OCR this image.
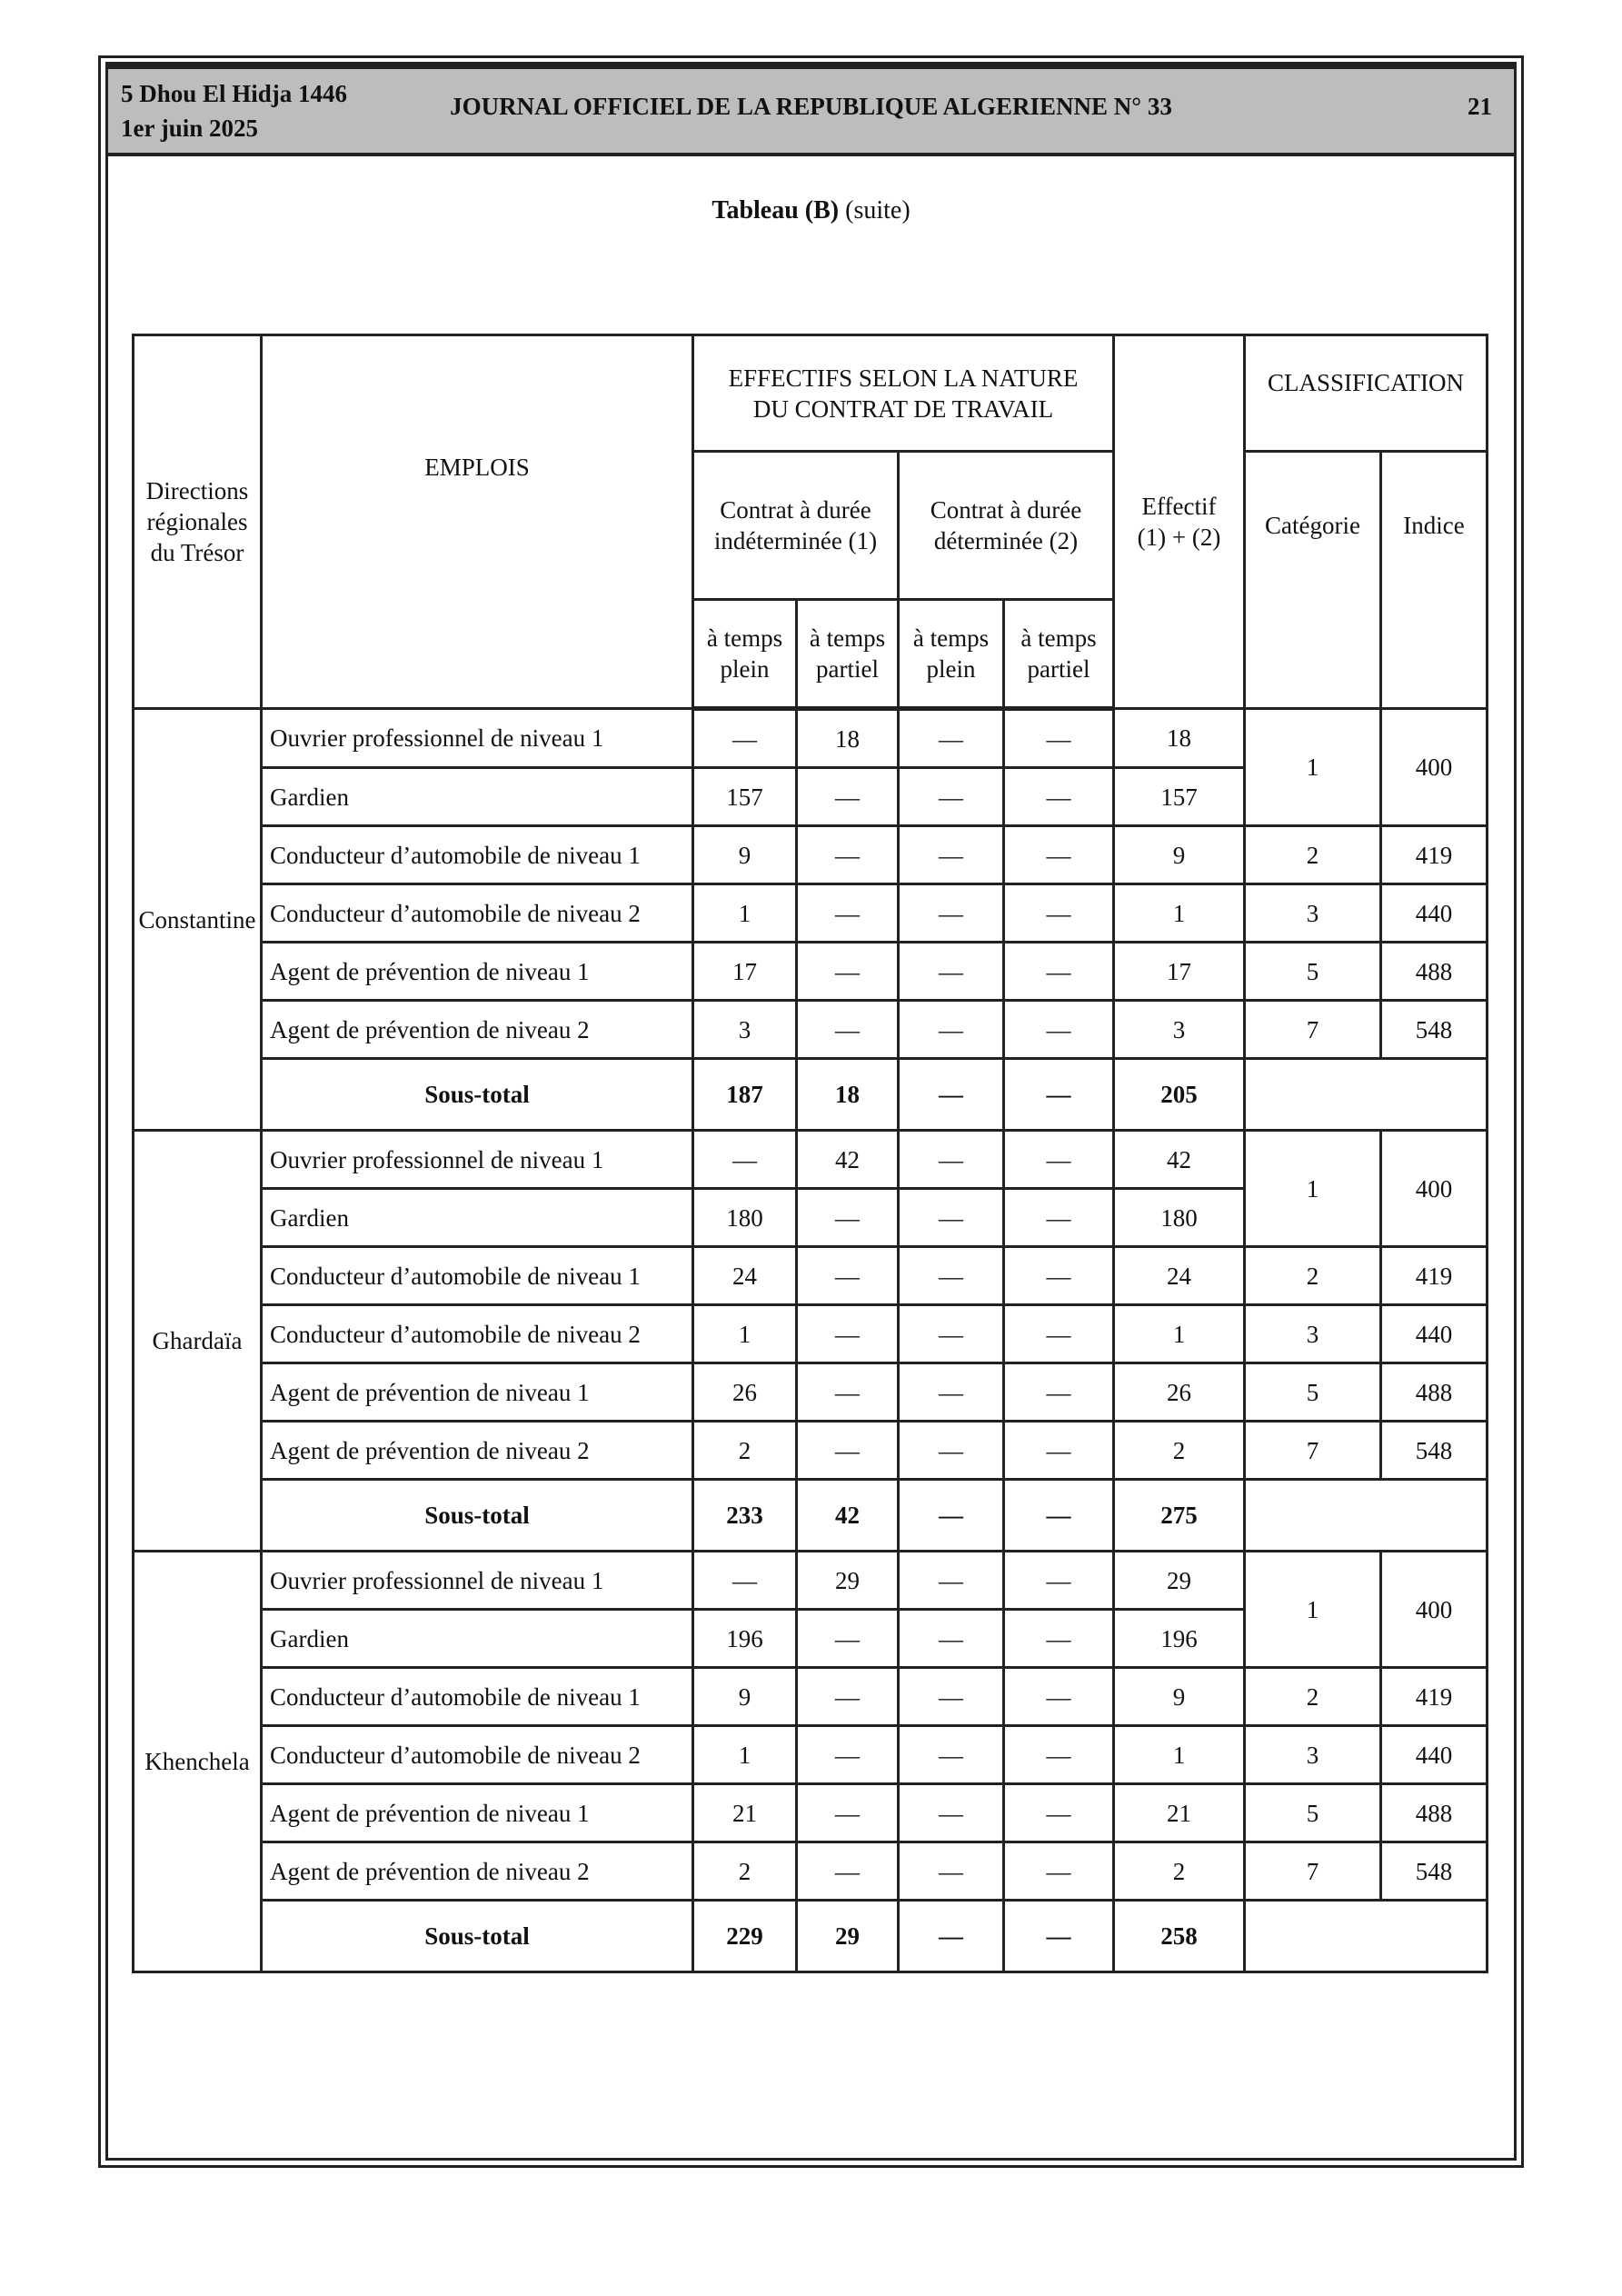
5 Dhou El Hidja 1446
1er juin 2025
JOURNAL OFFICIEL DE LA REPUBLIQUE ALGERIENNE N° 33	21
Tableau (B) (suite)
Directions régionales du Trésor	EMPLOIS	EFFECTIFS SELON LA NATURE DU CONTRAT DE TRAVAIL				Effectif (1) + (2)	CLASSIFICATION	
		Contrat à durée indéterminée (1)		Contrat à durée déterminée (2)			Catégorie	Indice
		à temps plein	à temps partiel	à temps plein	à temps partiel			
Constantine	Ouvrier professionnel de niveau 1	—	18	—	—	18	1	400
	Gardien	157	—	—	—	157		
	Conducteur d’automobile de niveau 1	9	—	—	—	9	2	419
	Conducteur d’automobile de niveau 2	1	—	—	—	1	3	440
	Agent de prévention de niveau 1	17	—	—	—	17	5	488
	Agent de prévention de niveau 2	3	—	—	—	3	7	548
	Sous-total	187	18	—	—	205		
Ghardaïa	Ouvrier professionnel de niveau 1	—	42	—	—	42	1	400
	Gardien	180	—	—	—	180		
	Conducteur d’automobile de niveau 1	24	—	—	—	24	2	419
	Conducteur d’automobile de niveau 2	1	—	—	—	1	3	440
	Agent de prévention de niveau 1	26	—	—	—	26	5	488
	Agent de prévention de niveau 2	2	—	—	—	2	7	548
	Sous-total	233	42	—	—	275		
Khenchela	Ouvrier professionnel de niveau 1	—	29	—	—	29	1	400
	Gardien	196	—	—	—	196		
	Conducteur d’automobile de niveau 1	9	—	—	—	9	2	419
	Conducteur d’automobile de niveau 2	1	—	—	—	1	3	440
	Agent de prévention de niveau 1	21	—	—	—	21	5	488
	Agent de prévention de niveau 2	2	—	—	—	2	7	548
	Sous-total	229	29	—	—	258		
